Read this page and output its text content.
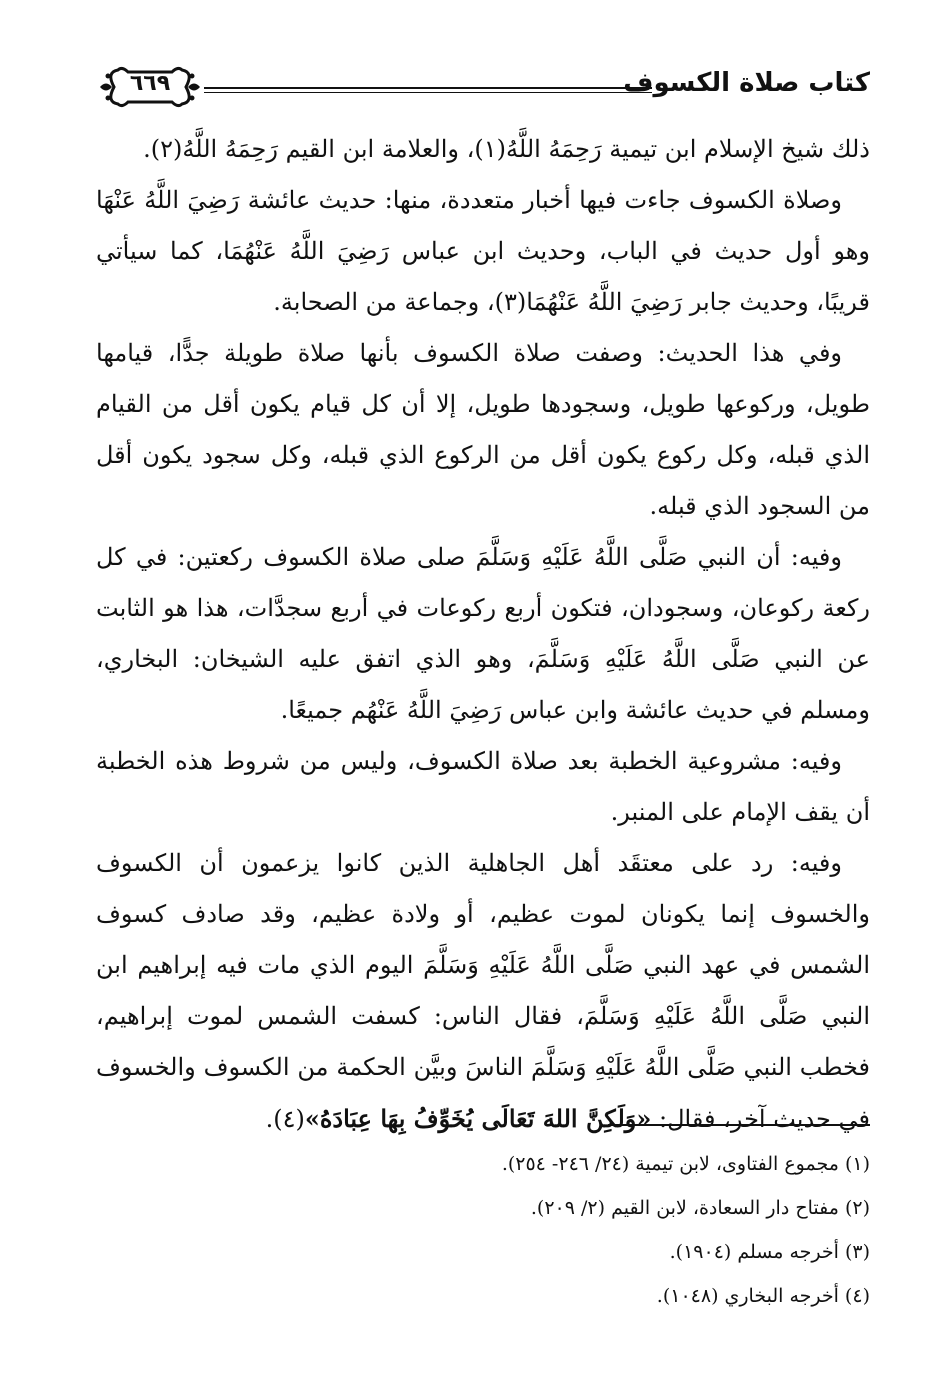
كتاب صلاة الكسوف
٦٦٩

ذلك شيخ الإسلام ابن تيمية رَحِمَهُ اللَّهُ(١)، والعلامة ابن القيم رَحِمَهُ اللَّهُ(٢).

وصلاة الكسوف جاءت فيها أخبار متعددة، منها: حديث عائشة رَضِيَ اللَّهُ عَنْهَا وهو أول حديث في الباب، وحديث ابن عباس رَضِيَ اللَّهُ عَنْهُمَا، كما سيأتي قريبًا، وحديث جابر رَضِيَ اللَّهُ عَنْهُمَا(٣)، وجماعة من الصحابة.

وفي هذا الحديث: وصفت صلاة الكسوف بأنها صلاة طويلة جدًّا، قيامها طويل، وركوعها طويل، وسجودها طويل، إلا أن كل قيام يكون أقل من القيام الذي قبله، وكل ركوع يكون أقل من الركوع الذي قبله، وكل سجود يكون أقل من السجود الذي قبله.

وفيه: أن النبي صَلَّى اللَّهُ عَلَيْهِ وَسَلَّمَ صلى صلاة الكسوف ركعتين: في كل ركعة ركوعان، وسجودان، فتكون أربع ركوعات في أربع سجدَّات، هذا هو الثابت عن النبي صَلَّى اللَّهُ عَلَيْهِ وَسَلَّمَ، وهو الذي اتفق عليه الشيخان: البخاري، ومسلم في حديث عائشة وابن عباس رَضِيَ اللَّهُ عَنْهُم جميعًا.

وفيه: مشروعية الخطبة بعد صلاة الكسوف، وليس من شروط هذه الخطبة أن يقف الإمام على المنبر.

وفيه: رد على معتقَد أهل الجاهلية الذين كانوا يزعمون أن الكسوف والخسوف إنما يكونان لموت عظيم، أو ولادة عظيم، وقد صادف كسوف الشمس في عهد النبي صَلَّى اللَّهُ عَلَيْهِ وَسَلَّمَ اليوم الذي مات فيه إبراهيم ابن النبي صَلَّى اللَّهُ عَلَيْهِ وَسَلَّمَ، فقال الناس: كسفت الشمس لموت إبراهيم، فخطب النبي صَلَّى اللَّهُ عَلَيْهِ وَسَلَّمَ الناسَ وبيَّن الحكمة من الكسوف والخسوف في حديث آخر، فقال: «وَلَكِنَّ اللهَ تَعَالَى يُخَوِّفُ بِهَا عِبَادَهُ»(٤).

(١) مجموع الفتاوى، لابن تيمية (٢٤/ ٢٤٦- ٢٥٤).
(٢) مفتاح دار السعادة، لابن القيم (٢/ ٢٠٩).
(٣) أخرجه مسلم (١٩٠٤).
(٤) أخرجه البخاري (١٠٤٨).
